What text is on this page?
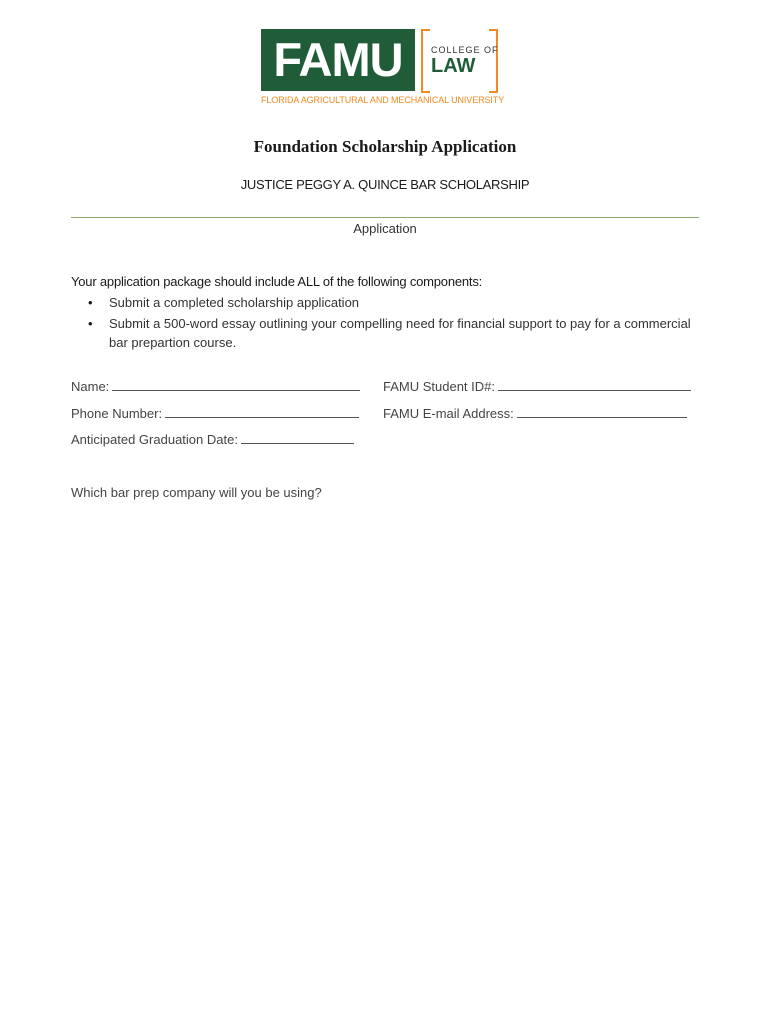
FAMU	COLLEGE OF
LAW
FLORIDA AGRICULTURAL AND MECHANICAL UNIVERSITY
Foundation Scholarship Application
JUSTICE PEGGY A. QUINCE BAR SCHOLARSHIP
Application
Your application package should include ALL of the following components:
• Submit a completed scholarship application
• Submit a 500-word essay outlining your compelling need for financial support to pay for a commercial bar prepartion course.
Name:	FAMU Student ID#:
Phone Number:	FAMU E-mail Address:
Anticipated Graduation Date:
Which bar prep company will you be using?
